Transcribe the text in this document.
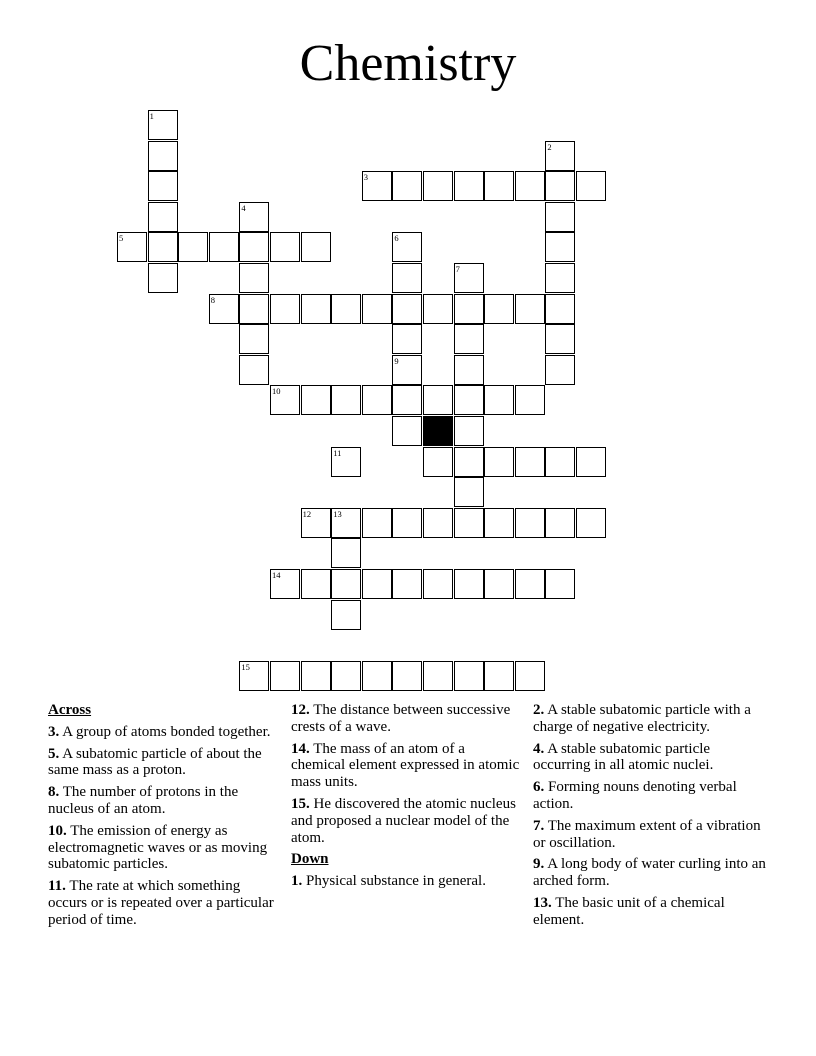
Chemistry
1
2
3
4
5	6
7
8
9
10
11
12	13
14
15
Across
3. A group of atoms bonded together.
5. A subatomic particle of about the same mass as a proton.
8. The number of protons in the nucleus of an atom.
10. The emission of energy as electromagnetic waves or as moving subatomic particles.
11. The rate at which something occurs or is repeated over a particular period of time.
12. The distance between successive crests of a wave.
14. The mass of an atom of a chemical element expressed in atomic mass units.
15. He discovered the atomic nucleus and proposed a nuclear model of the atom.
Down
1. Physical substance in general.
2. A stable subatomic particle with a charge of negative electricity.
4. A stable subatomic particle occurring in all atomic nuclei.
6. Forming nouns denoting verbal action.
7. The maximum extent of a vibration or oscillation.
9. A long body of water curling into an arched form.
13. The basic unit of a chemical element.
